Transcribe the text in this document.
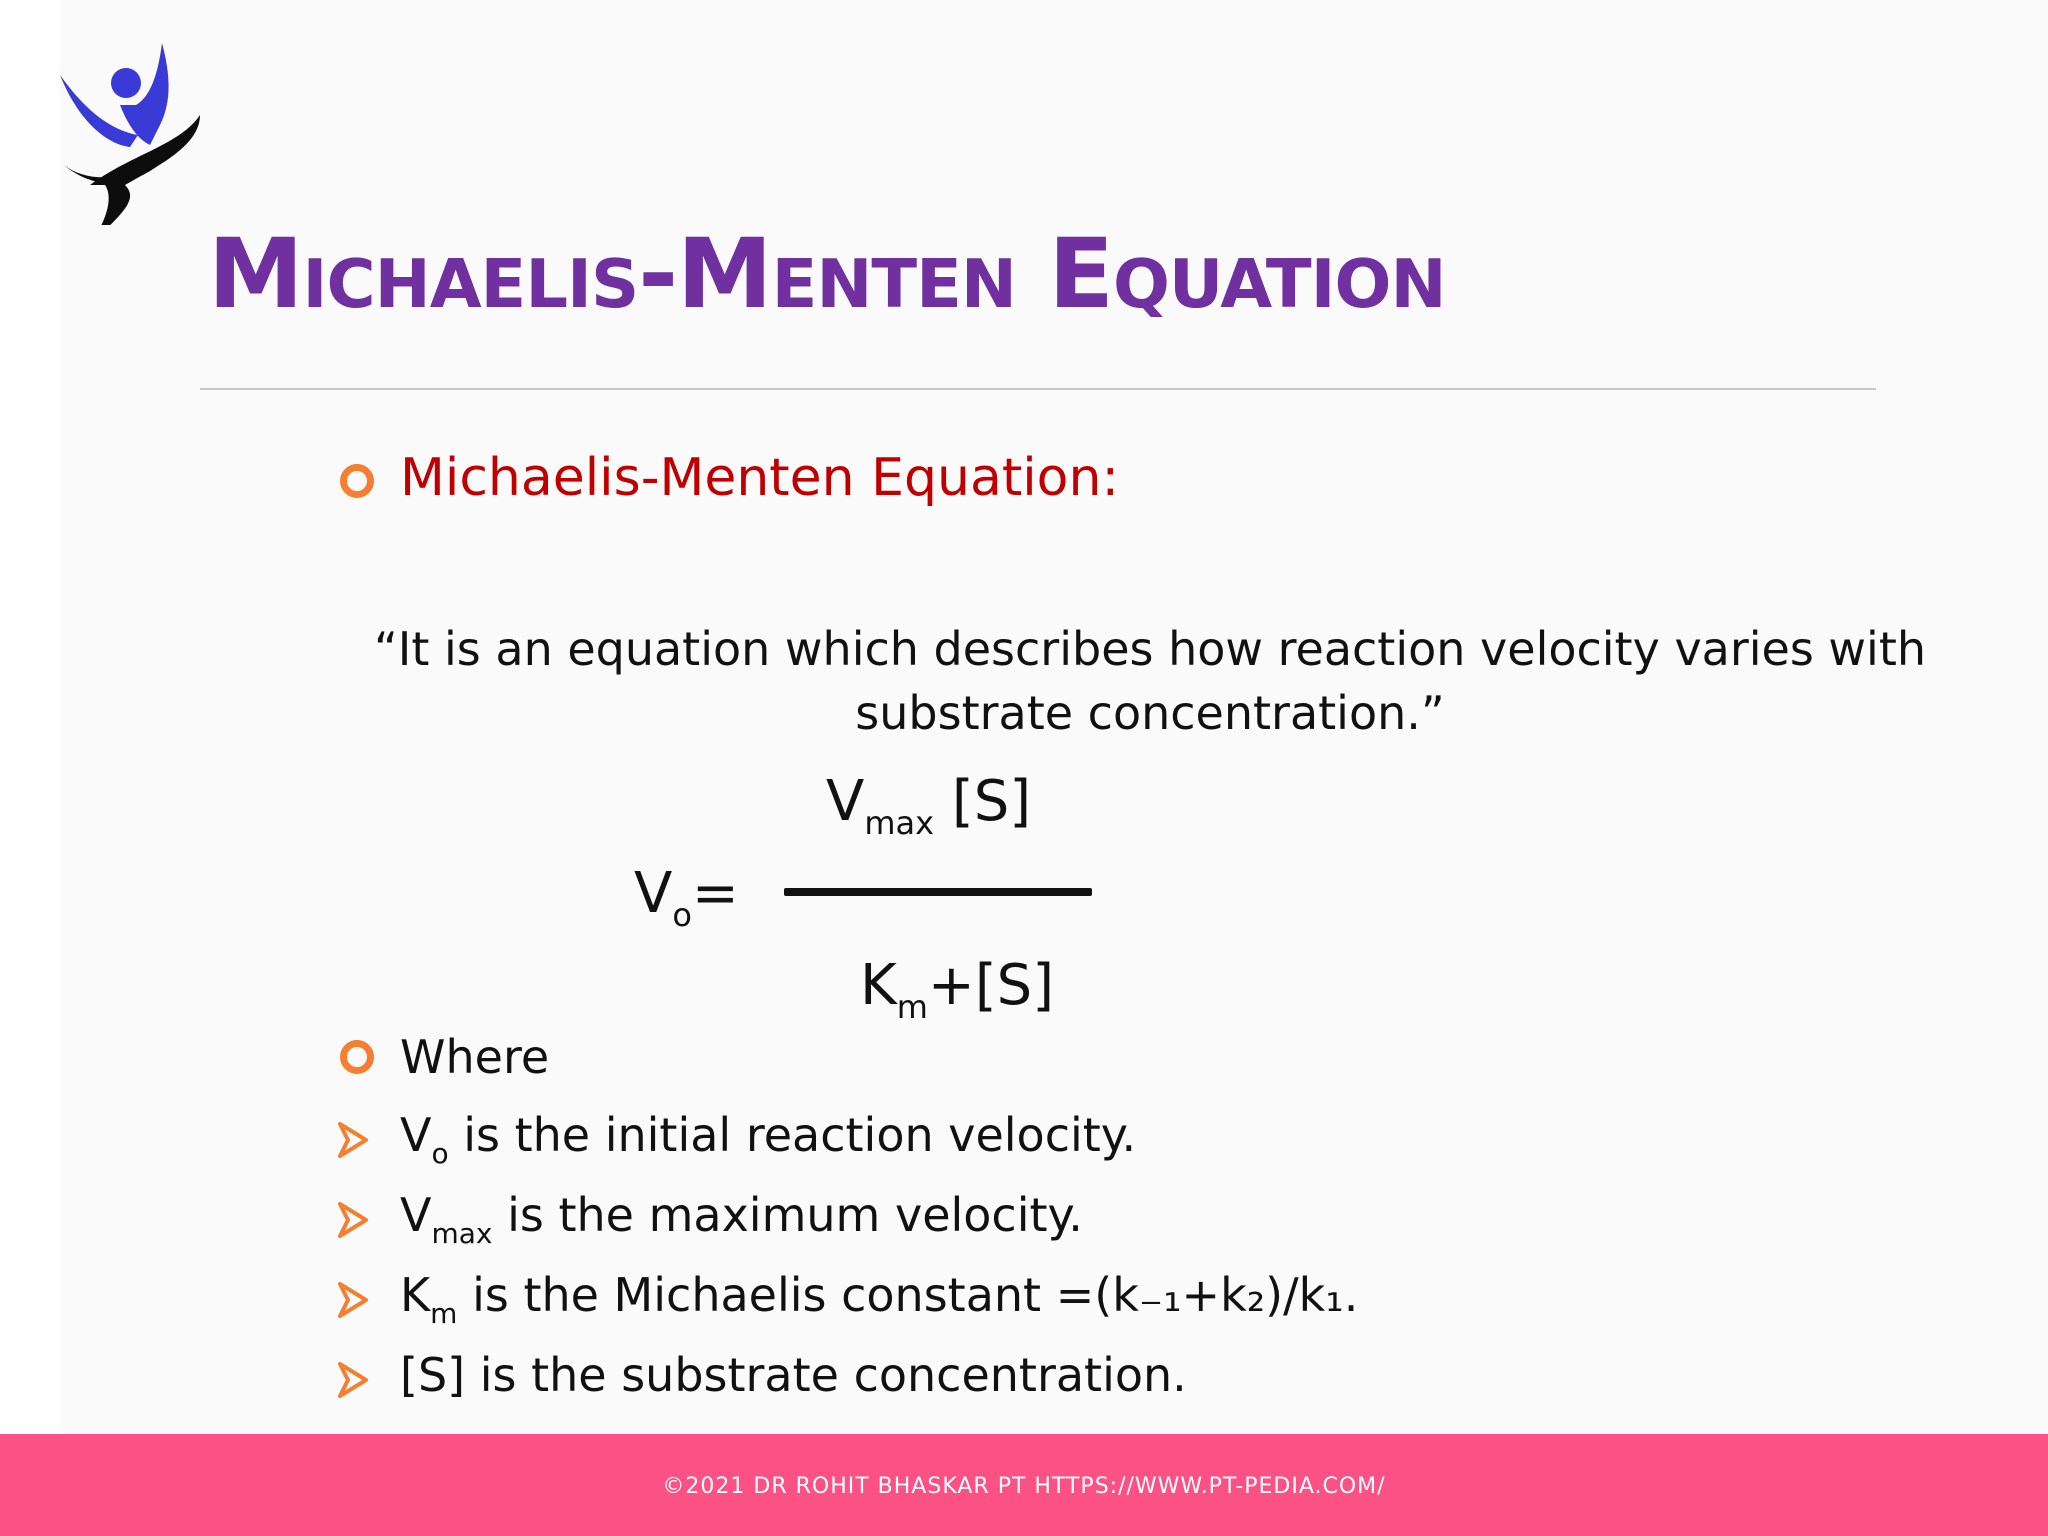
Michaelis-Menten Equation
Michaelis-Menten Equation:
“It is an equation which describes how reaction velocity varies with
substrate concentration.”
$V_o=$
$V_{max}$ [S]
$K_m+[S]$
Where
$V_o$ is the initial reaction velocity.
$V_{max}$ is the maximum velocity.
$K_m$ is the Michaelis constant =(k₋₁+k₂)/k₁.
[S] is the substrate concentration.
©2021 DR ROHIT BHASKAR PT HTTPS://WWW.PT-PEDIA.COM/
